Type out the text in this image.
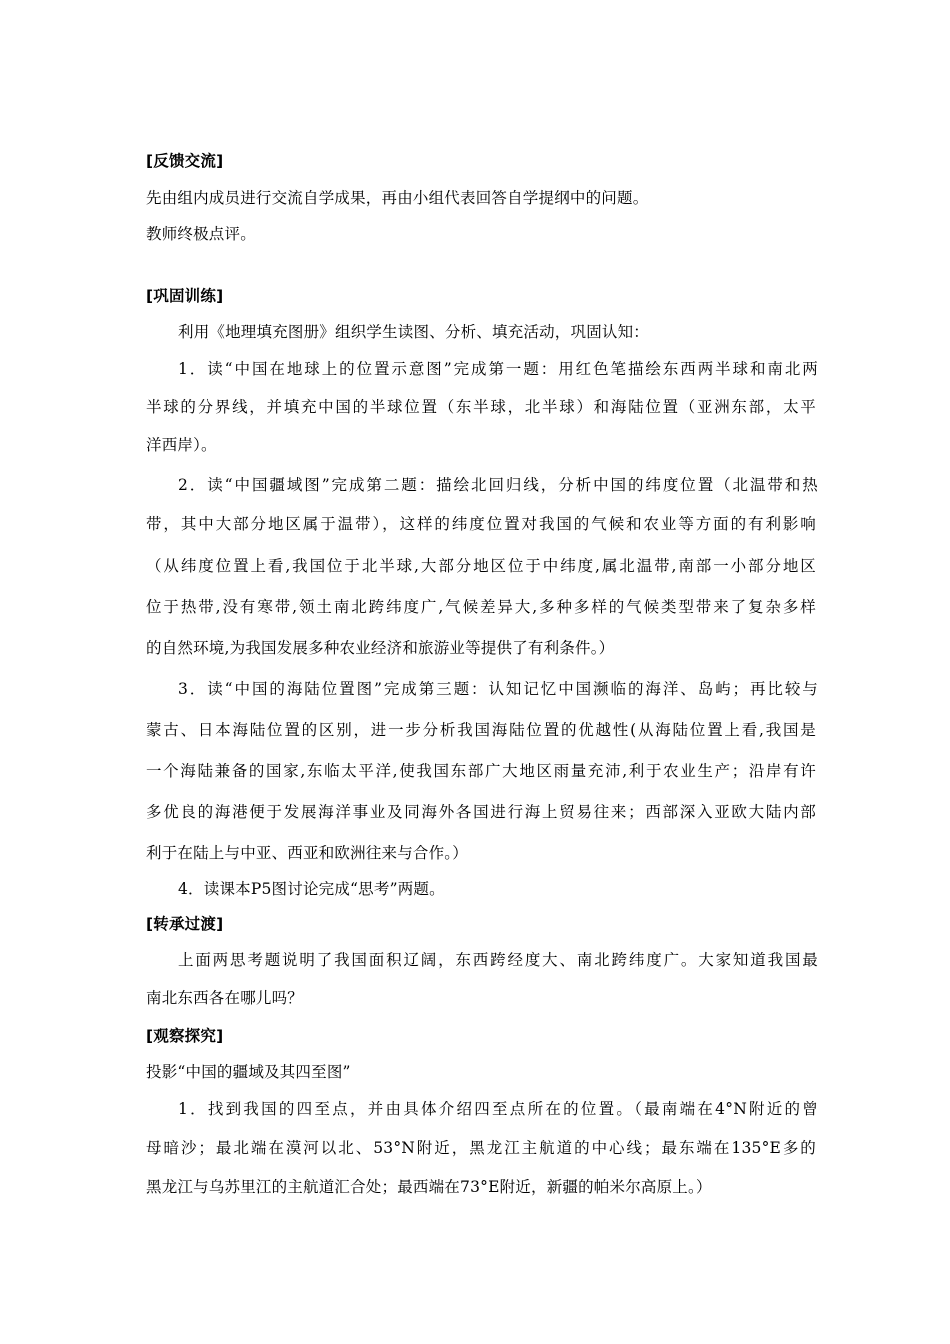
[反馈交流]
先由组内成员进行交流自学成果，再由小组代表回答自学提纲中的问题。
教师终极点评。
[巩固训练]
利用《地理填充图册》组织学生读图、分析、填充活动，巩固认知：
1．读“中国在地球上的位置示意图”完成第一题：用红色笔描绘东西两半球和南北两
半球的分界线，并填充中国的半球位置（东半球，北半球）和海陆位置（亚洲东部，太平
洋西岸）。
2．读“中国疆域图”完成第二题：描绘北回归线，分析中国的纬度位置（北温带和热
带，其中大部分地区属于温带），这样的纬度位置对我国的气候和农业等方面的有利影响
（从纬度位置上看,我国位于北半球,大部分地区位于中纬度,属北温带,南部一小部分地区
位于热带,没有寒带,领土南北跨纬度广,气候差异大,多种多样的气候类型带来了复杂多样
的自然环境,为我国发展多种农业经济和旅游业等提供了有利条件。）
3．读“中国的海陆位置图”完成第三题：认知记忆中国濒临的海洋、岛屿；再比较与
蒙古、日本海陆位置的区别，进一步分析我国海陆位置的优越性(从海陆位置上看,我国是
一个海陆兼备的国家,东临太平洋,使我国东部广大地区雨量充沛,利于农业生产；沿岸有许
多优良的海港便于发展海洋事业及同海外各国进行海上贸易往来；西部深入亚欧大陆内部
利于在陆上与中亚、西亚和欧洲往来与合作。）
4．读课本P5图讨论完成“思考”两题。
[转承过渡]
上面两思考题说明了我国面积辽阔，东西跨经度大、南北跨纬度广。大家知道我国最
南北东西各在哪儿吗？
[观察探究]
投影“中国的疆域及其四至图”
1．找到我国的四至点，并由具体介绍四至点所在的位置。（最南端在4°N附近的曾
母暗沙；最北端在漠河以北、53°N附近，黑龙江主航道的中心线；最东端在135°E多的
黑龙江与乌苏里江的主航道汇合处；最西端在73°E附近，新疆的帕米尔高原上。）
